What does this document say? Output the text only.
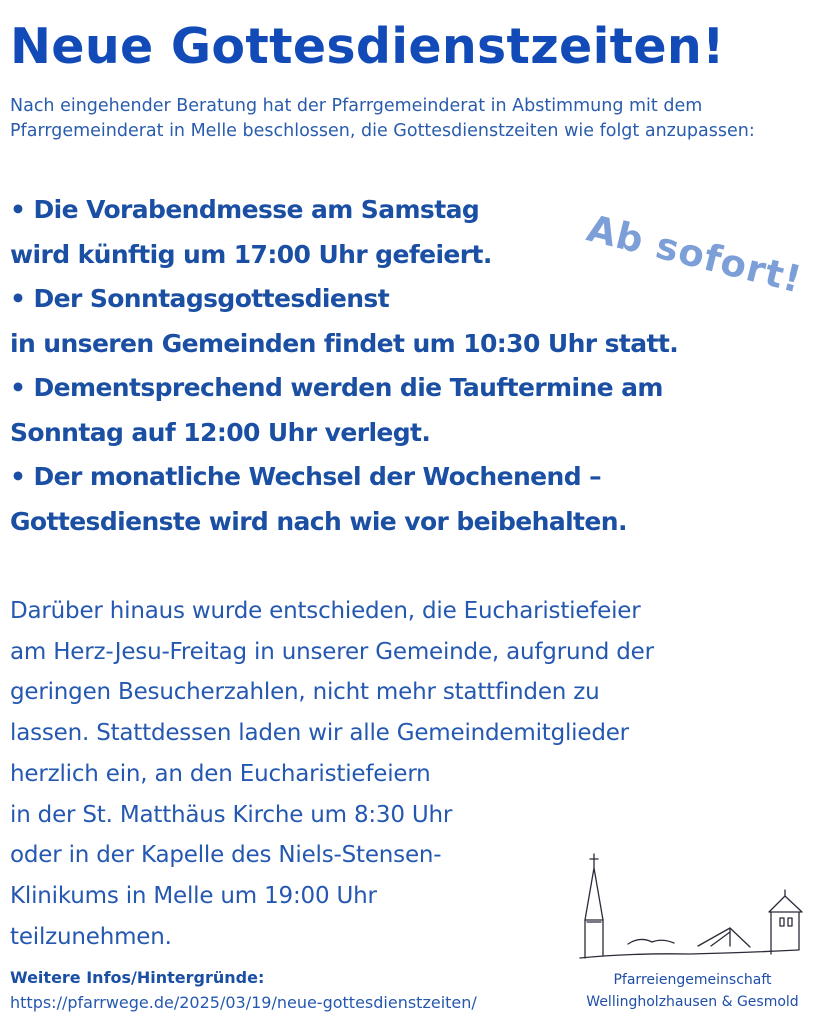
Neue Gottesdienstzeiten!

Nach eingehender Beratung hat der Pfarrgemeinderat in Abstimmung mit dem Pfarrgemeinderat in Melle beschlossen, die Gottesdienstzeiten wie folgt anzupassen:

• Die Vorabendmesse am Samstag
wird künftig um 17:00 Uhr gefeiert.
• Der Sonntagsgottesdienst
in unseren Gemeinden findet um 10:30 Uhr statt.
• Dementsprechend werden die Tauftermine am
Sonntag auf 12:00 Uhr verlegt.
• Der monatliche Wechsel der Wochenend –
Gottesdienste wird nach wie vor beibehalten.
Ab sofort!

Darüber hinaus wurde entschieden, die Eucharistiefeier
am Herz-Jesu-Freitag in unserer Gemeinde, aufgrund der
geringen Besucherzahlen, nicht mehr stattfinden zu
lassen. Stattdessen laden wir alle Gemeindemitglieder
herzlich ein, an den Eucharistiefeiern
in der St. Matthäus Kirche um 8:30 Uhr
oder in der Kapelle des Niels-Stensen-
Klinikums in Melle um 19:00 Uhr
teilzunehmen.

Weitere Infos/Hintergründe:

https://pfarrwege.de/2025/03/19/neue-gottesdienstzeiten/
Pfarreiengemeinschaft
Wellingholzhausen & Gesmold
